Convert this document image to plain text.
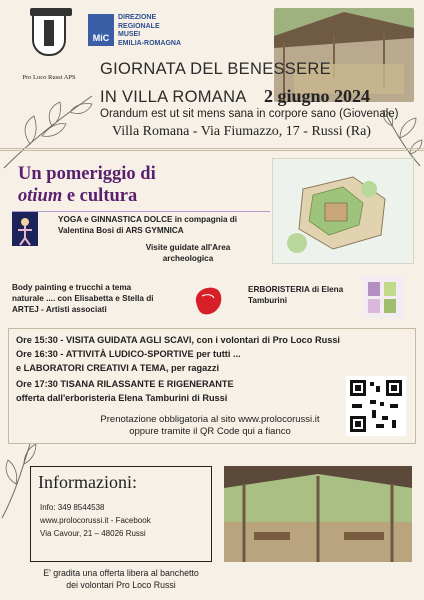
Pro Loco Russi APS
MiC
DIREZIONE
REGIONALE
MUSEI
EMILIA-ROMAGNA
GIORNATA DEL BENESSERE
IN VILLA ROMANA 2 giugno 2024
Orandum est ut sit mens sana in corpore sano (Giovenale)
Villa Romana - Via Fiumazzo, 17 - Russi (Ra)
Un pomeriggio di
otium e cultura
YOGA e GINNASTICA DOLCE in compagnia di
Valentina Bosi di ARS GYMNICA
Visite guidate all'Area
archeologica
Body painting e trucchi a tema
naturale .... con Elisabetta e Stella di
ARTEJ - Artisti associati
ERBORISTERIA di Elena
Tamburini
Ore 15:30 - VISITA GUIDATA AGLI SCAVI, con i volontari di Pro Loco Russi
Ore 16:30 - ATTIVITÀ LUDICO-SPORTIVE per tutti ...
e LABORATORI CREATIVI A TEMA, per ragazzi
Ore 17:30 TISANA RILASSANTE E RIGENERANTE
offerta dall'erboristeria Elena Tamburini di Russi
Prenotazione obbligatoria al sito www.prolocorussi.it
oppure tramite il QR Code qui a fianco
Informazioni:
Info: 349 8544538
www.prolocorussi.it - Facebook
Via Cavour, 21 – 48026 Russi
E' gradita una offerta libera al banchetto
dei volontari Pro Loco Russi
